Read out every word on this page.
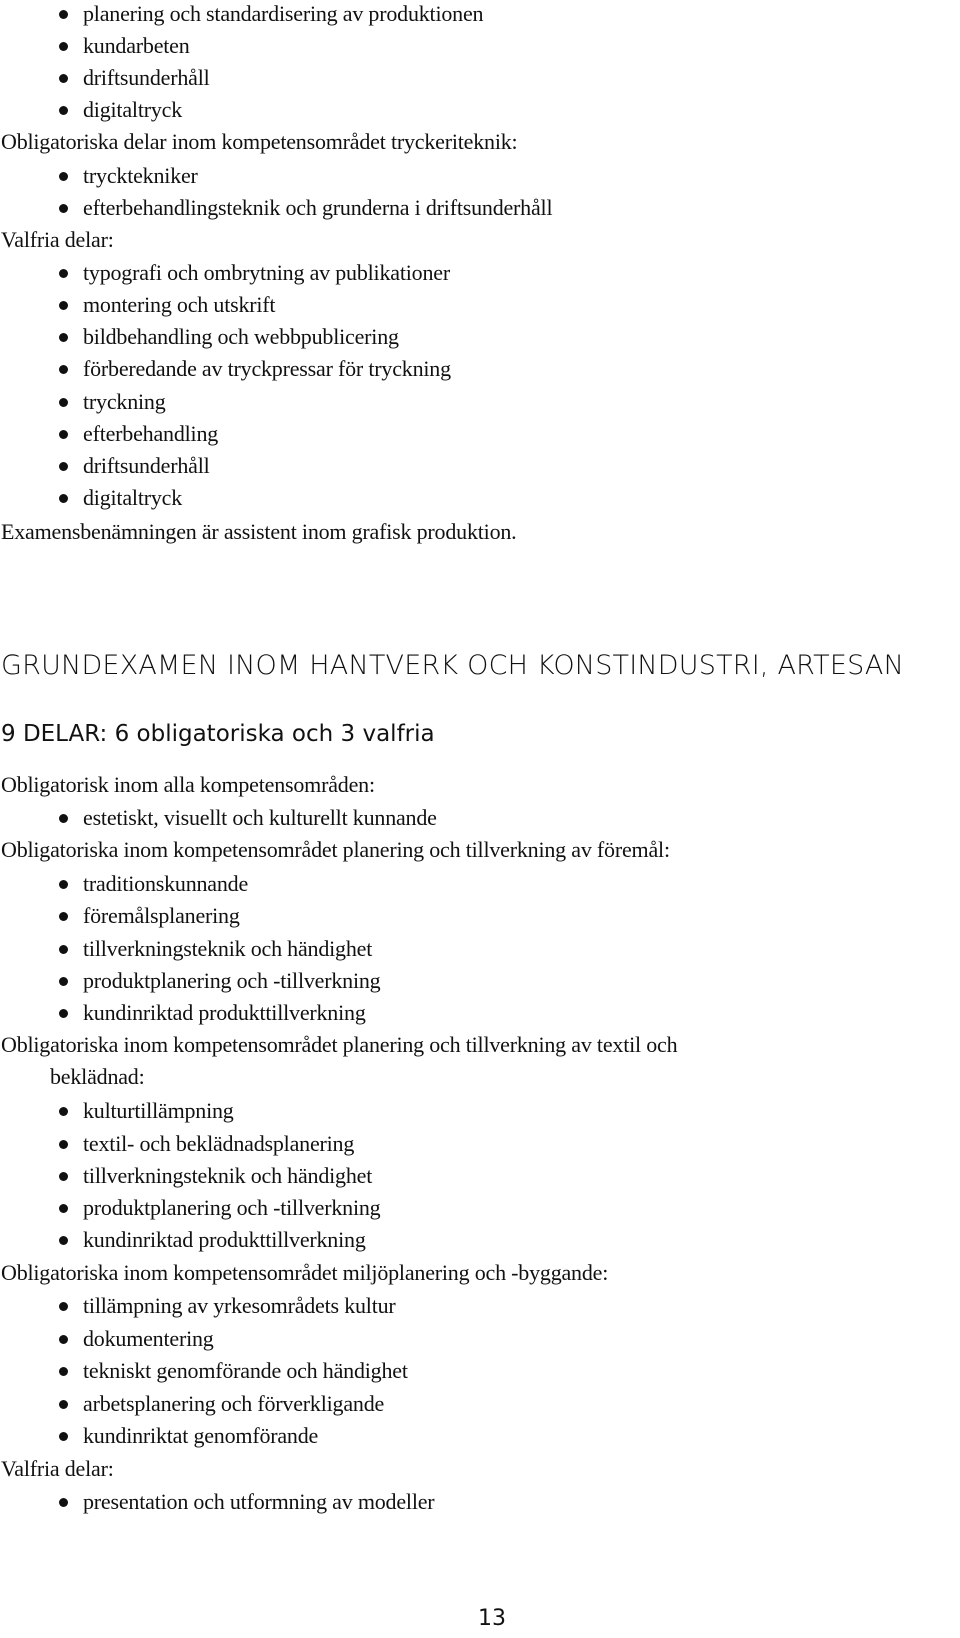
planering och standardisering av produktionen
kundarbeten
driftsunderhåll
digitaltryck
Obligatoriska delar inom kompetensområdet tryckeriteknik:
trycktekniker
efterbehandlingsteknik och grunderna i driftsunderhåll
Valfria delar:
typografi och ombrytning av publikationer
montering och utskrift
bildbehandling och webbpublicering
förberedande av tryckpressar för tryckning
tryckning
efterbehandling
driftsunderhåll
digitaltryck
Examensbenämningen är assistent inom grafisk produktion.
GRUNDEXAMEN INOM HANTVERK OCH KONSTINDUSTRI, ARTESAN
9 DELAR: 6 obligatoriska och 3 valfria
Obligatorisk inom alla kompetensområden:
estetiskt, visuellt och kulturellt kunnande
Obligatoriska inom kompetensområdet planering och tillverkning av föremål:
traditionskunnande
föremålsplanering
tillverkningsteknik och händighet
produktplanering och -tillverkning
kundinriktad produkttillverkning
Obligatoriska inom kompetensområdet planering och tillverkning av textil och
beklädnad:
kulturtillämpning
textil- och beklädnadsplanering
tillverkningsteknik och händighet
produktplanering och -tillverkning
kundinriktad produkttillverkning
Obligatoriska inom kompetensområdet miljöplanering och -byggande:
tillämpning av yrkesområdets kultur
dokumentering
tekniskt genomförande och händighet
arbetsplanering och förverkligande
kundinriktat genomförande
Valfria delar:
presentation och utformning av modeller
13
